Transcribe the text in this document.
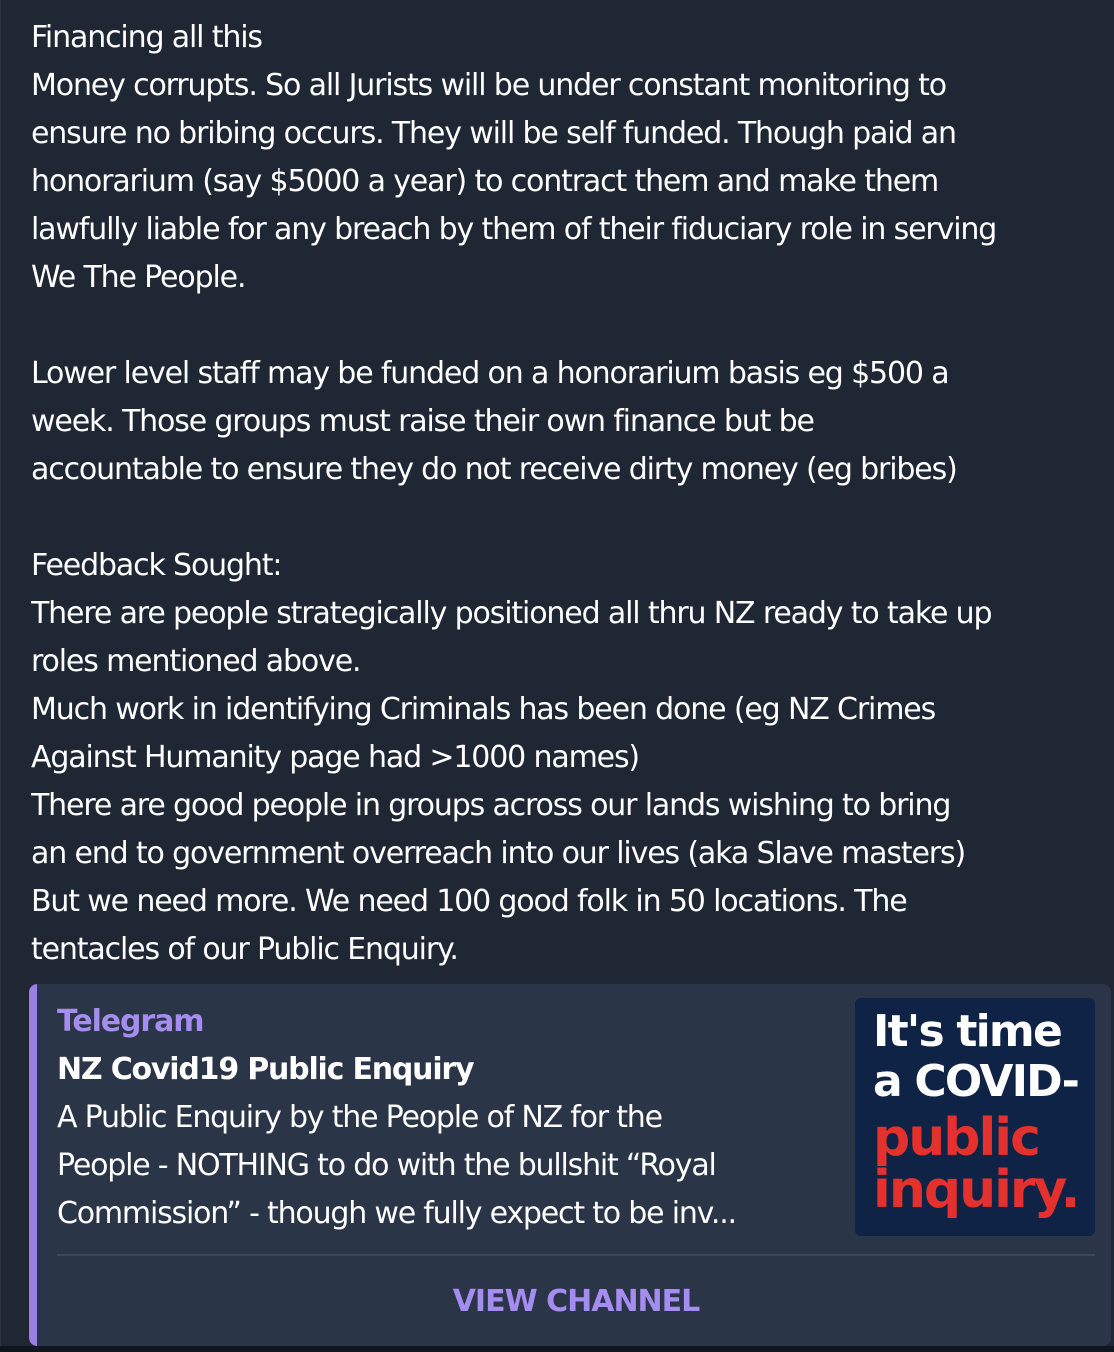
Financing all this
Money corrupts. So all Jurists will be under constant monitoring to
ensure no bribing occurs. They will be self funded. Though paid an
honorarium (say $5000 a year) to contract them and make them
lawfully liable for any breach by them of their fiduciary role in serving
We The People.
Lower level staff may be funded on a honorarium basis eg $500 a
week. Those groups must raise their own finance but be
accountable to ensure they do not receive dirty money (eg bribes)
Feedback Sought:
There are people strategically positioned all thru NZ ready to take up
roles mentioned above.
Much work in identifying Criminals has been done (eg NZ Crimes
Against Humanity page had >1000 names)
There are good people in groups across our lands wishing to bring
an end to government overreach into our lives (aka Slave masters)
But we need more. We need 100 good folk in 50 locations. The
tentacles of our Public Enquiry.
Telegram
NZ Covid19 Public Enquiry
A Public Enquiry by the People of NZ for the
People - NOTHING to do with the bullshit “Royal
Commission” - though we fully expect to be inv...
It's time
a COVID-
public
inquiry.
VIEW CHANNEL
